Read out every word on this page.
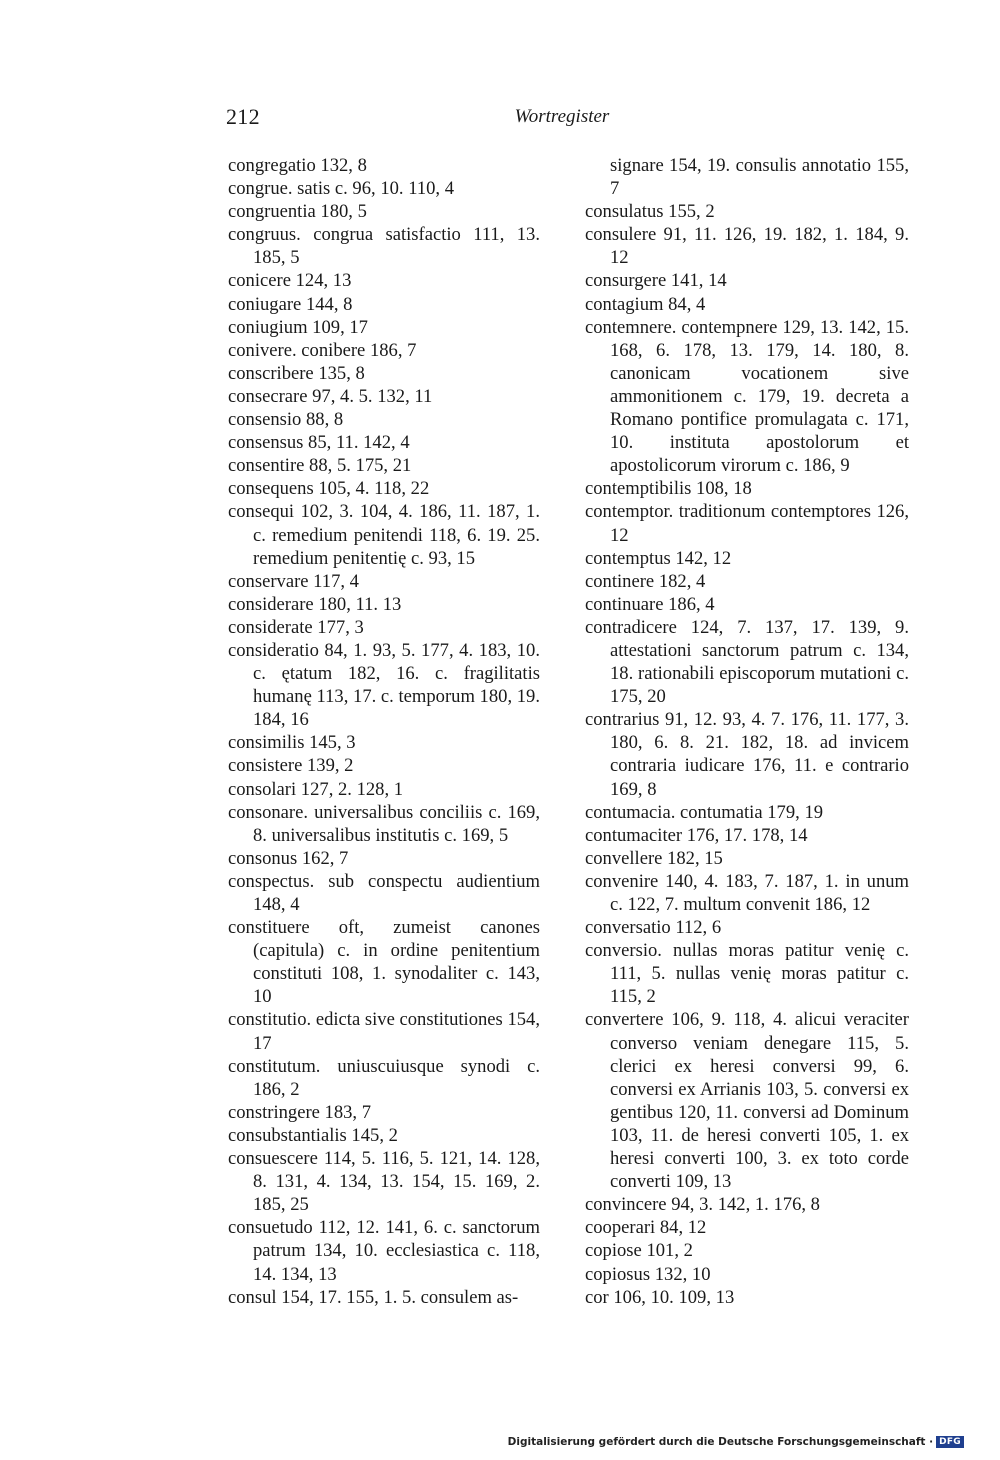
212	Wortregister
congregatio 132, 8
congrue. satis c. 96, 10. 110, 4
congruentia 180, 5
congruus. congrua satisfactio 111, 13. 185, 5
conicere 124, 13
coniugare 144, 8
coniugium 109, 17
conivere. conibere 186, 7
conscribere 135, 8
consecrare 97, 4. 5. 132, 11
consensio 88, 8
consensus 85, 11. 142, 4
consentire 88, 5. 175, 21
consequens 105, 4. 118, 22
consequi 102, 3. 104, 4. 186, 11. 187, 1. c. remedium penitendi 118, 6. 19. 25. remedium penitentię c. 93, 15
conservare 117, 4
considerare 180, 11. 13
considerate 177, 3
consideratio 84, 1. 93, 5. 177, 4. 183, 10. c. ętatum 182, 16. c. fragilitatis humanę 113, 17. c. temporum 180, 19. 184, 16
consimilis 145, 3
consistere 139, 2
consolari 127, 2. 128, 1
consonare. universalibus conciliis c. 169, 8. universalibus institutis c. 169, 5
consonus 162, 7
conspectus. sub conspectu audientium 148, 4
constituere oft, zumeist canones (capitula) c. in ordine penitentium constituti 108, 1. synodaliter c. 143, 10
constitutio. edicta sive constitutiones 154, 17
constitutum. uniuscuiusque synodi c. 186, 2
constringere 183, 7
consubstantialis 145, 2
consuescere 114, 5. 116, 5. 121, 14. 128, 8. 131, 4. 134, 13. 154, 15. 169, 2. 185, 25
consuetudo 112, 12. 141, 6. c. sanctorum patrum 134, 10. ecclesiastica c. 118, 14. 134, 13
consul 154, 17. 155, 1. 5. consulem as-
signare 154, 19. consulis annotatio 155, 7
consulatus 155, 2
consulere 91, 11. 126, 19. 182, 1. 184, 9. 12
consurgere 141, 14
contagium 84, 4
contemnere. contempnere 129, 13. 142, 15. 168, 6. 178, 13. 179, 14. 180, 8. canonicam vocationem sive ammonitionem c. 179, 19. decreta a Romano pontifice promulagata c. 171, 10. instituta apostolorum et apostolicorum virorum c. 186, 9
contemptibilis 108, 18
contemptor. traditionum contemptores 126, 12
contemptus 142, 12
continere 182, 4
continuare 186, 4
contradicere 124, 7. 137, 17. 139, 9. attestationi sanctorum patrum c. 134, 18. rationabili episcoporum mutationi c. 175, 20
contrarius 91, 12. 93, 4. 7. 176, 11. 177, 3. 180, 6. 8. 21. 182, 18. ad invicem contraria iudicare 176, 11. e contrario 169, 8
contumacia. contumatia 179, 19
contumaciter 176, 17. 178, 14
convellere 182, 15
convenire 140, 4. 183, 7. 187, 1. in unum c. 122, 7. multum convenit 186, 12
conversatio 112, 6
conversio. nullas moras patitur venię c. 111, 5. nullas venię moras patitur c. 115, 2
convertere 106, 9. 118, 4. alicui veraciter converso veniam denegare 115, 5. clerici ex heresi conversi 99, 6. conversi ex Arrianis 103, 5. conversi ex gentibus 120, 11. conversi ad Dominum 103, 11. de heresi converti 105, 1. ex heresi converti 100, 3. ex toto corde converti 109, 13
convincere 94, 3. 142, 1. 176, 8
cooperari 84, 12
copiose 101, 2
copiosus 132, 10
cor 106, 10. 109, 13
Digitalisierung gefördert durch die Deutsche Forschungsgemeinschaft · DFG
